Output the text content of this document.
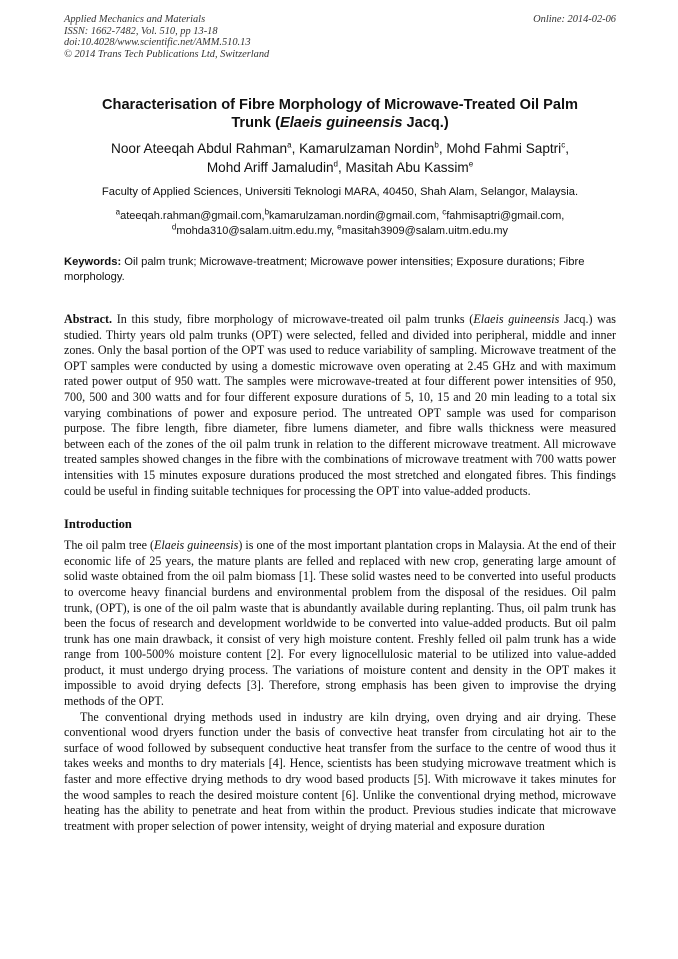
Applied Mechanics and Materials
ISSN: 1662-7482, Vol. 510, pp 13-18
doi:10.4028/www.scientific.net/AMM.510.13
© 2014 Trans Tech Publications Ltd, Switzerland
Online: 2014-02-06
Characterisation of Fibre Morphology of Microwave-Treated Oil Palm
Trunk (Elaeis guineensis Jacq.)
Noor Ateeqah Abdul Rahman$^a$, Kamarulzaman Nordin$^b$, Mohd Fahmi Saptri$^c$,
Mohd Ariff Jamaludin$^d$, Masitah Abu Kassim$^e$
Faculty of Applied Sciences, Universiti Teknologi MARA, 40450, Shah Alam, Selangor, Malaysia.
$^a$ateeqah.rahman@gmail.com,$^b$kamarulzaman.nordin@gmail.com, $^c$fahmisaptri@gmail.com,
$^d$mohda310@salam.uitm.edu.my, $^e$masitah3909@salam.uitm.edu.my
Keywords: Oil palm trunk; Microwave-treatment; Microwave power intensities; Exposure durations; Fibre morphology.

Abstract. In this study, fibre morphology of microwave-treated oil palm trunks (Elaeis guineensis Jacq.) was studied. Thirty years old palm trunks (OPT) were selected, felled and divided into peripheral, middle and inner zones. Only the basal portion of the OPT was used to reduce variability of sampling. Microwave treatment of the OPT samples were conducted by using a domestic microwave oven operating at 2.45 GHz and with maximum rated power output of 950 watt. The samples were microwave-treated at four different power intensities of 950, 700, 500 and 300 watts and for four different exposure durations of 5, 10, 15 and 20 min leading to a total six varying combinations of power and exposure period. The untreated OPT sample was used for comparison purpose. The fibre length, fibre diameter, fibre lumens diameter, and fibre walls thickness were measured between each of the zones of the oil palm trunk in relation to the different microwave treatment. All microwave treated samples showed changes in the fibre with the combinations of microwave treatment with 700 watts power intensities with 15 minutes exposure durations produced the most stretched and elongated fibres. This findings could be useful in finding suitable techniques for processing the OPT into value-added products.

Introduction

The oil palm tree (Elaeis guineensis) is one of the most important plantation crops in Malaysia. At the end of their economic life of 25 years, the mature plants are felled and replaced with new crop, generating large amount of solid waste obtained from the oil palm biomass [1]. These solid wastes need to be converted into useful products to overcome heavy financial burdens and environmental problem from the disposal of the residues. Oil palm trunk, (OPT), is one of the oil palm waste that is abundantly available during replanting. Thus, oil palm trunk has been the focus of research and development worldwide to be converted into value-added products. But oil palm trunk has one main drawback, it consist of very high moisture content. Freshly felled oil palm trunk has a wide range from 100-500% moisture content [2]. For every lignocellulosic material to be utilized into value-added product, it must undergo drying process. The variations of moisture content and density in the OPT makes it impossible to avoid drying defects [3]. Therefore, strong emphasis has been given to improvise the drying methods of the OPT.

The conventional drying methods used in industry are kiln drying, oven drying and air drying. These conventional wood dryers function under the basis of convective heat transfer from circulating hot air to the surface of wood followed by subsequent conductive heat transfer from the surface to the centre of wood thus it takes weeks and months to dry materials [4]. Hence, scientists has been studying microwave treatment which is faster and more effective drying methods to dry wood based products [5]. With microwave it takes minutes for the wood samples to reach the desired moisture content [6]. Unlike the conventional drying method, microwave heating has the ability to penetrate and heat from within the product. Previous studies indicate that microwave treatment with proper selection of power intensity, weight of drying material and exposure duration
